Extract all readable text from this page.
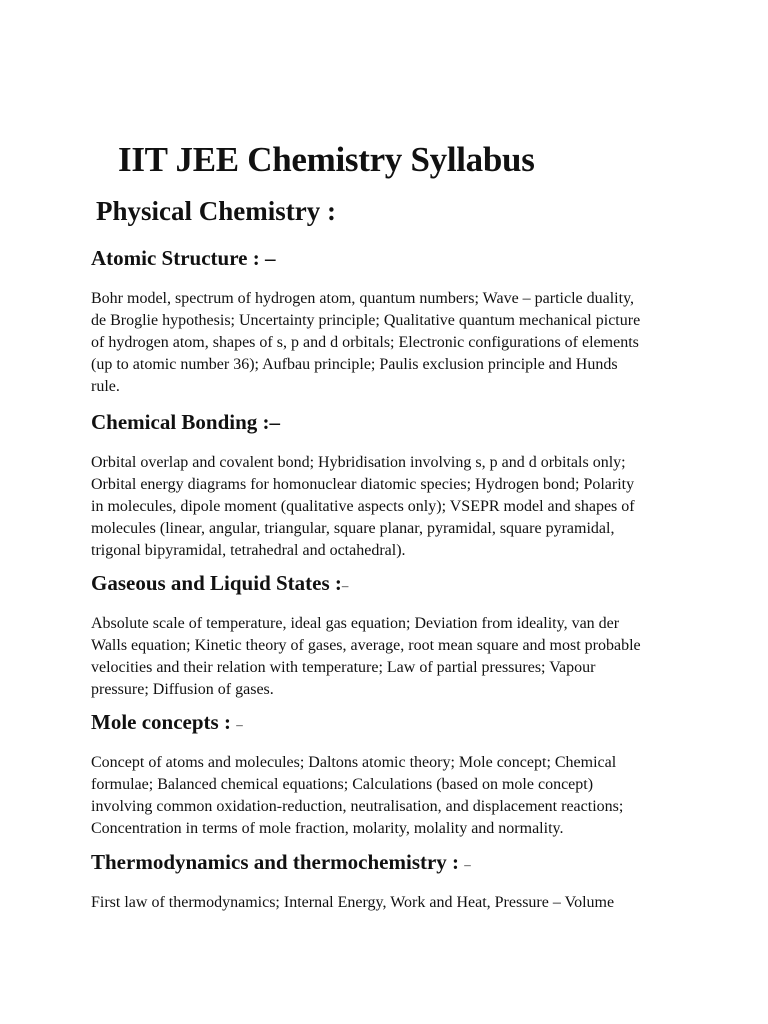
IIT JEE Chemistry Syllabus
Physical Chemistry :
Atomic Structure : –
Bohr model, spectrum of hydrogen atom, quantum numbers; Wave – particle duality,
de Broglie hypothesis; Uncertainty principle; Qualitative quantum mechanical picture
of hydrogen atom, shapes of s, p and d orbitals; Electronic configurations of elements
(up to atomic number 36); Aufbau principle; Paulis exclusion principle and Hunds
rule.
Chemical Bonding :–
Orbital overlap and covalent bond; Hybridisation involving s, p and d orbitals only;
Orbital energy diagrams for homonuclear diatomic species; Hydrogen bond; Polarity
in molecules, dipole moment (qualitative aspects only); VSEPR model and shapes of
molecules (linear, angular, triangular, square planar, pyramidal, square pyramidal,
trigonal bipyramidal, tetrahedral and octahedral).
Gaseous and Liquid States :–
Absolute scale of temperature, ideal gas equation; Deviation from ideality, van der
Walls equation; Kinetic theory of gases, average, root mean square and most probable
velocities and their relation with temperature; Law of partial pressures; Vapour
pressure; Diffusion of gases.
Mole concepts : –
Concept of atoms and molecules; Daltons atomic theory; Mole concept; Chemical
formulae; Balanced chemical equations; Calculations (based on mole concept)
involving common oxidation-reduction, neutralisation, and displacement reactions;
Concentration in terms of mole fraction, molarity, molality and normality.
Thermodynamics and thermochemistry : –
First law of thermodynamics; Internal Energy, Work and Heat, Pressure – Volume
